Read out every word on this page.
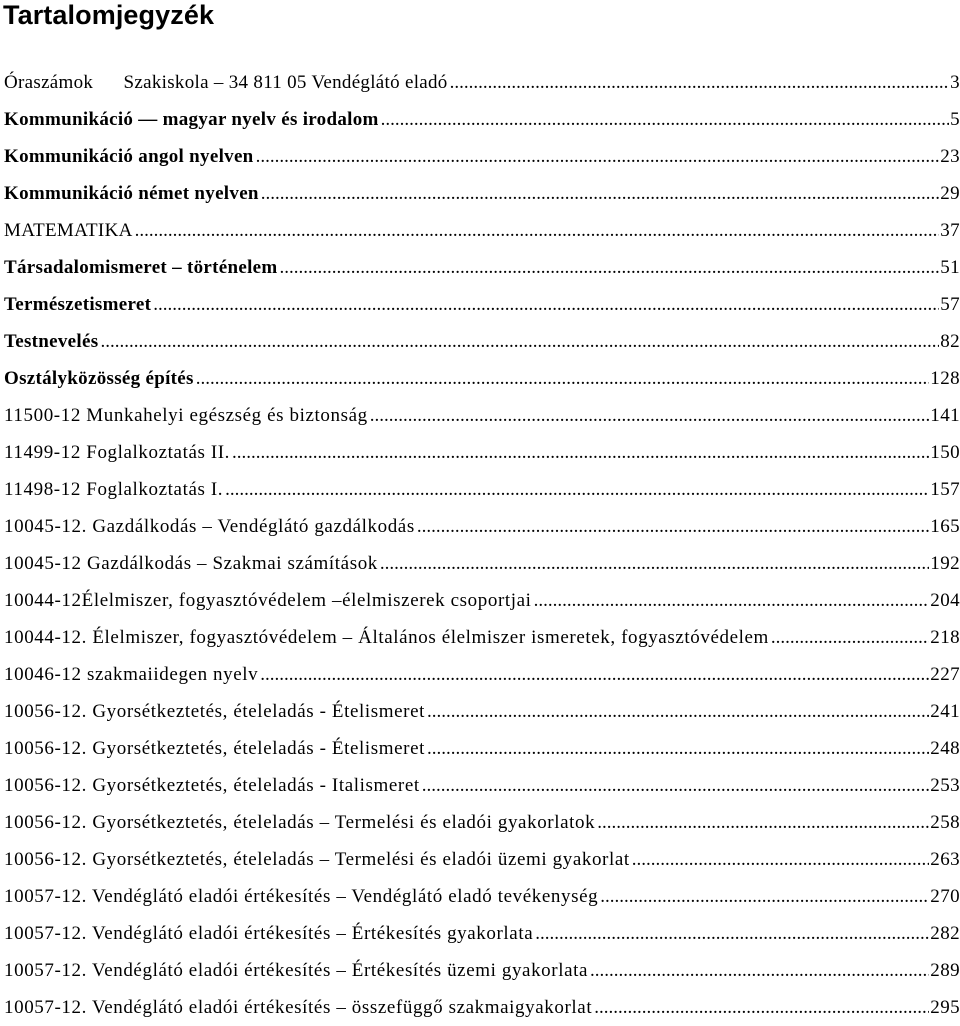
Tartalomjegyzék
Óraszámok      Szakiskola – 34 811 05 Vendéglátó eladó .....	3
Kommunikáció — magyar nyelv és irodalom .....	5
Kommunikáció angol nyelven .....	23
Kommunikáció német nyelven .....	29
MATEMATIKA .....	37
Társadalomismeret – történelem .....	51
Természetismeret .....	57
Testnevelés .....	82
Osztályközösség építés .....	128
11500-12 Munkahelyi egészség és biztonság .....	141
11499-12 Foglalkoztatás II. .....	150
11498-12 Foglalkoztatás I. .....	157
10045-12. Gazdálkodás – Vendéglátó gazdálkodás .....	165
10045-12 Gazdálkodás – Szakmai számítások .....	192
10044-12Élelmiszer, fogyasztóvédelem –élelmiszerek csoportjai .....	204
10044-12. Élelmiszer, fogyasztóvédelem – Általános élelmiszer ismeretek, fogyasztóvédelem .....	218
10046-12 szakmaiidegen nyelv .....	227
10056-12. Gyorsétkeztetés, ételeladás - Ételismeret .....	241
10056-12. Gyorsétkeztetés, ételeladás - Ételismeret .....	248
10056-12. Gyorsétkeztetés, ételeladás - Italismeret .....	253
10056-12. Gyorsétkeztetés, ételeladás – Termelési és eladói gyakorlatok .....	258
10056-12. Gyorsétkeztetés, ételeladás – Termelési és eladói üzemi gyakorlat .....	263
10057-12. Vendéglátó eladói értékesítés – Vendéglátó eladó tevékenység .....	270
10057-12. Vendéglátó eladói értékesítés – Értékesítés gyakorlata .....	282
10057-12. Vendéglátó eladói értékesítés – Értékesítés üzemi gyakorlata .....	289
10057-12. Vendéglátó eladói értékesítés – összefüggő szakmaigyakorlat .....	295
